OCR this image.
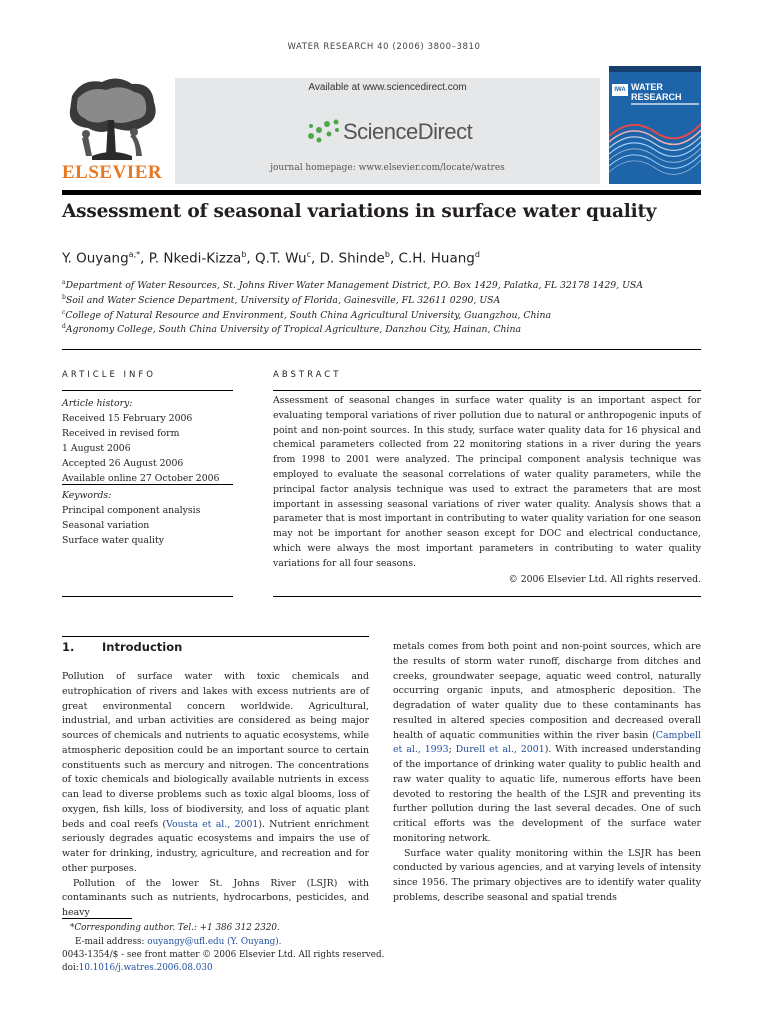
WATER RESEARCH 40 (2006) 3800–3810
ELSEVIER
Available at www.sciencedirect.com
ScienceDirect
journal homepage: www.elsevier.com/locate/watres
IWA WATER RESEARCH
Assessment of seasonal variations in surface water quality
Y. Ouyang$^{a,*}$, P. Nkedi-Kizza$^b$, Q.T. Wu$^c$, D. Shinde$^b$, C.H. Huang$^d$
$^a$Department of Water Resources, St. Johns River Water Management District, P.O. Box 1429, Palatka, FL 32178 1429, USA
$^b$Soil and Water Science Department, University of Florida, Gainesville, FL 32611 0290, USA
$^c$College of Natural Resource and Environment, South China Agricultural University, Guangzhou, China
$^d$Agronomy College, South China University of Tropical Agriculture, Danzhou City, Hainan, China
ARTICLE INFO
Article history:
Received 15 February 2006
Received in revised form
1 August 2006
Accepted 26 August 2006
Available online 27 October 2006
Keywords:
Principal component analysis
Seasonal variation
Surface water quality
ABSTRACT
Assessment of seasonal changes in surface water quality is an important aspect for evaluating temporal variations of river pollution due to natural or anthropogenic inputs of point and non-point sources. In this study, surface water quality data for 16 physical and chemical parameters collected from 22 monitoring stations in a river during the years from 1998 to 2001 were analyzed. The principal component analysis technique was employed to evaluate the seasonal correlations of water quality parameters, while the principal factor analysis technique was used to extract the parameters that are most important in assessing seasonal variations of river water quality. Analysis shows that a parameter that is most important in contributing to water quality variation for one season may not be important for another season except for DOC and electrical conductance, which were always the most important parameters in contributing to water quality variations for all four seasons.
© 2006 Elsevier Ltd. All rights reserved.
1. Introduction

Pollution of surface water with toxic chemicals and eutrophication of rivers and lakes with excess nutrients are of great environmental concern worldwide. Agricultural, industrial, and urban activities are considered as being major sources of chemicals and nutrients to aquatic ecosystems, while atmospheric deposition could be an important source to certain constituents such as mercury and nitrogen. The concentrations of toxic chemicals and biologically available nutrients in excess can lead to diverse problems such as toxic algal blooms, loss of oxygen, fish kills, loss of biodiversity, and loss of aquatic plant beds and coal reefs (Vousta et al., 2001). Nutrient enrichment seriously degrades aquatic ecosystems and impairs the use of water for drinking, industry, agriculture, and recreation and for other purposes.

Pollution of the lower St. Johns River (LSJR) with contaminants such as nutrients, hydrocarbons, pesticides, and heavy

metals comes from both point and non-point sources, which are the results of storm water runoff, discharge from ditches and creeks, groundwater seepage, aquatic weed control, naturally occurring organic inputs, and atmospheric deposition. The degradation of water quality due to these contaminants has resulted in altered species composition and decreased overall health of aquatic communities within the river basin (Campbell et al., 1993; Durell et al., 2001). With increased understanding of the importance of drinking water quality to public health and raw water quality to aquatic life, numerous efforts have been devoted to restoring the health of the LSJR and preventing its further pollution during the last several decades. One of such critical efforts was the development of the surface water monitoring network.

Surface water quality monitoring within the LSJR has been conducted by various agencies, and at varying levels of intensity since 1956. The primary objectives are to identify water quality problems, describe seasonal and spatial trends

*Corresponding author. Tel.: +1 386 312 2320.
E-mail address: ouyangy@ufl.edu (Y. Ouyang).
0043-1354/$ - see front matter © 2006 Elsevier Ltd. All rights reserved.
doi:10.1016/j.watres.2006.08.030
